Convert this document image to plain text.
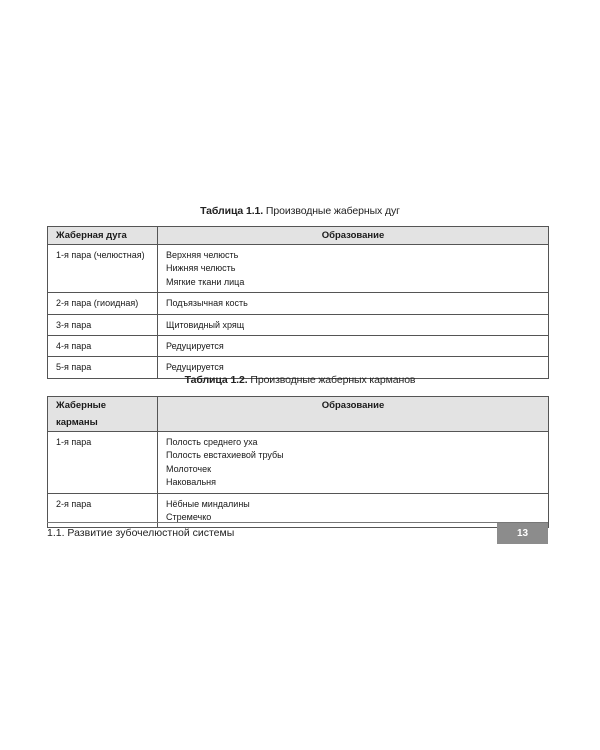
Таблица 1.1. Производные жаберных дуг
Жаберная дуга	Образование
1-я пара (челюстная)	Верхняя челюсть
Нижняя челюсть
Мягкие ткани лица

2-я пара (гиоидная)	Подъязычная кость

3-я пара	Щитовидный хрящ

4-я пара	Редуцируется

5-я пара	Редуцируется
Таблица 1.2. Производные жаберных карманов
Жаберные карманы	Образование
1-я пара	Полость среднего уха
Полость евстахиевой трубы
Молоточек
Наковальня

2-я пара	Нёбные миндалины
Стремечко
1.1. Развитие зубочелюстной системы	13
